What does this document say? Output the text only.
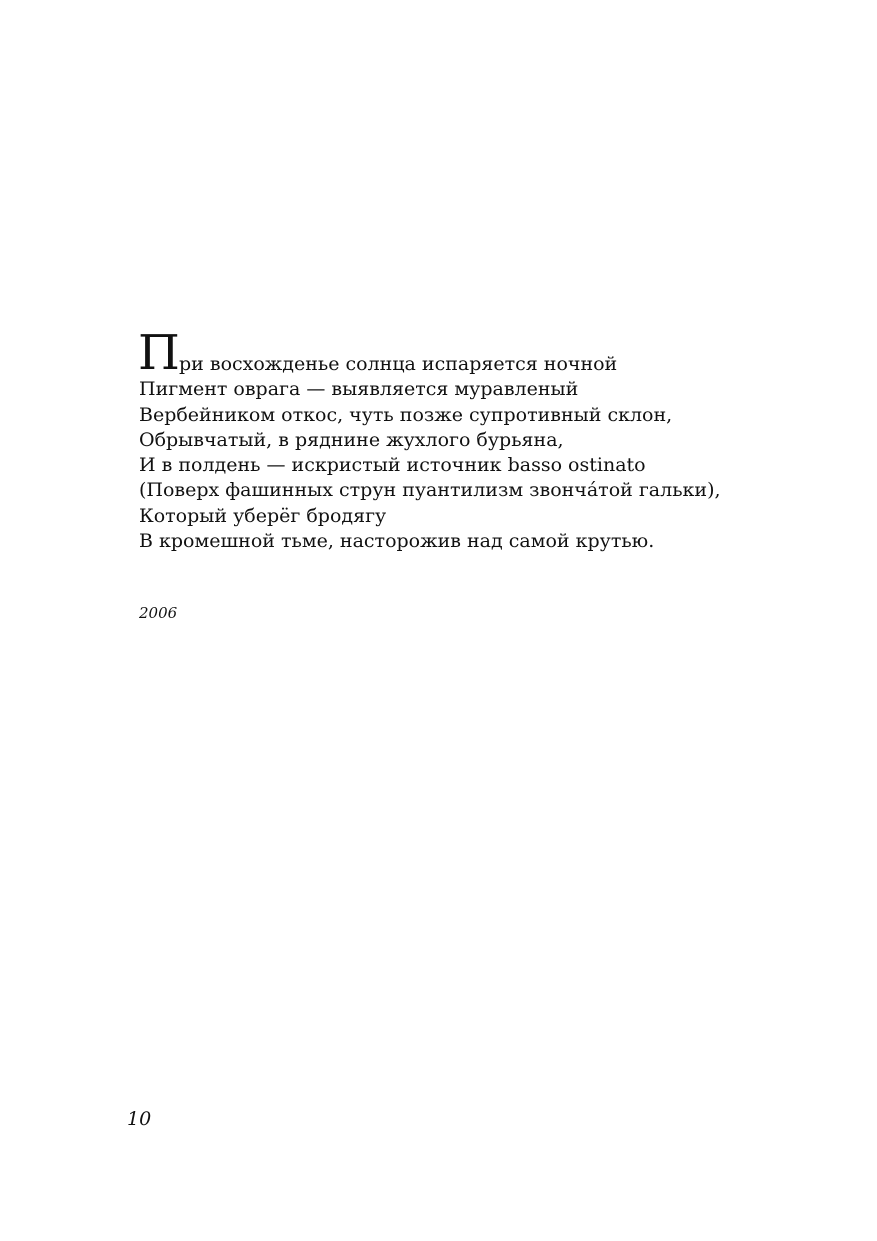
П ри восхожденье солнца испаряется ночной
Пигмент оврага — выявляется муравленый
Вербейником откос, чуть позже супротивный склон,
Обрывчатый, в ряднине жухлого бурьяна,
И в полдень — искристый источник basso ostinato
(Поверх фашинных струн пуантилизм звонча́той гальки),
Который уберёг бродягу
В кромешной тьме, насторожив над самой крутью.
2006
10
